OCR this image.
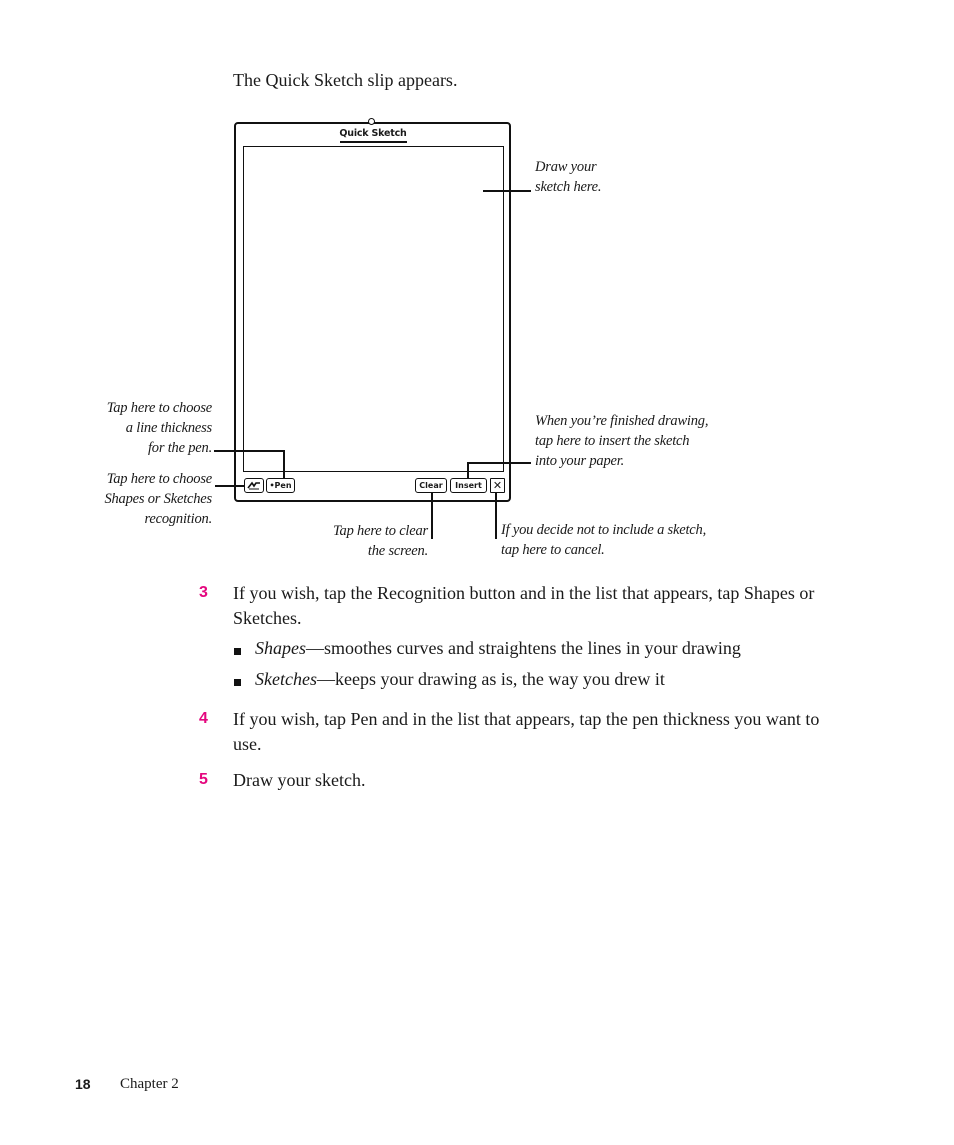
The Quick Sketch slip appears.
Quick Sketch
•Pen	Clear	Insert	✕
Draw your
sketch here.
Tap here to choose
a line thickness
for the pen.
Tap here to choose
Shapes or Sketches
recognition.
When you’re finished drawing,
tap here to insert the sketch
into your paper.
Tap here to clear
the screen.
If you decide not to include a sketch,
tap here to cancel.
3 If you wish, tap the Recognition button and in the list that appears, tap Shapes or Sketches.
Shapes—smoothes curves and straightens the lines in your drawing
Sketches—keeps your drawing as is, the way you drew it
4 If you wish, tap Pen and in the list that appears, tap the pen thickness you want to use.
5 Draw your sketch.
18 Chapter 2
